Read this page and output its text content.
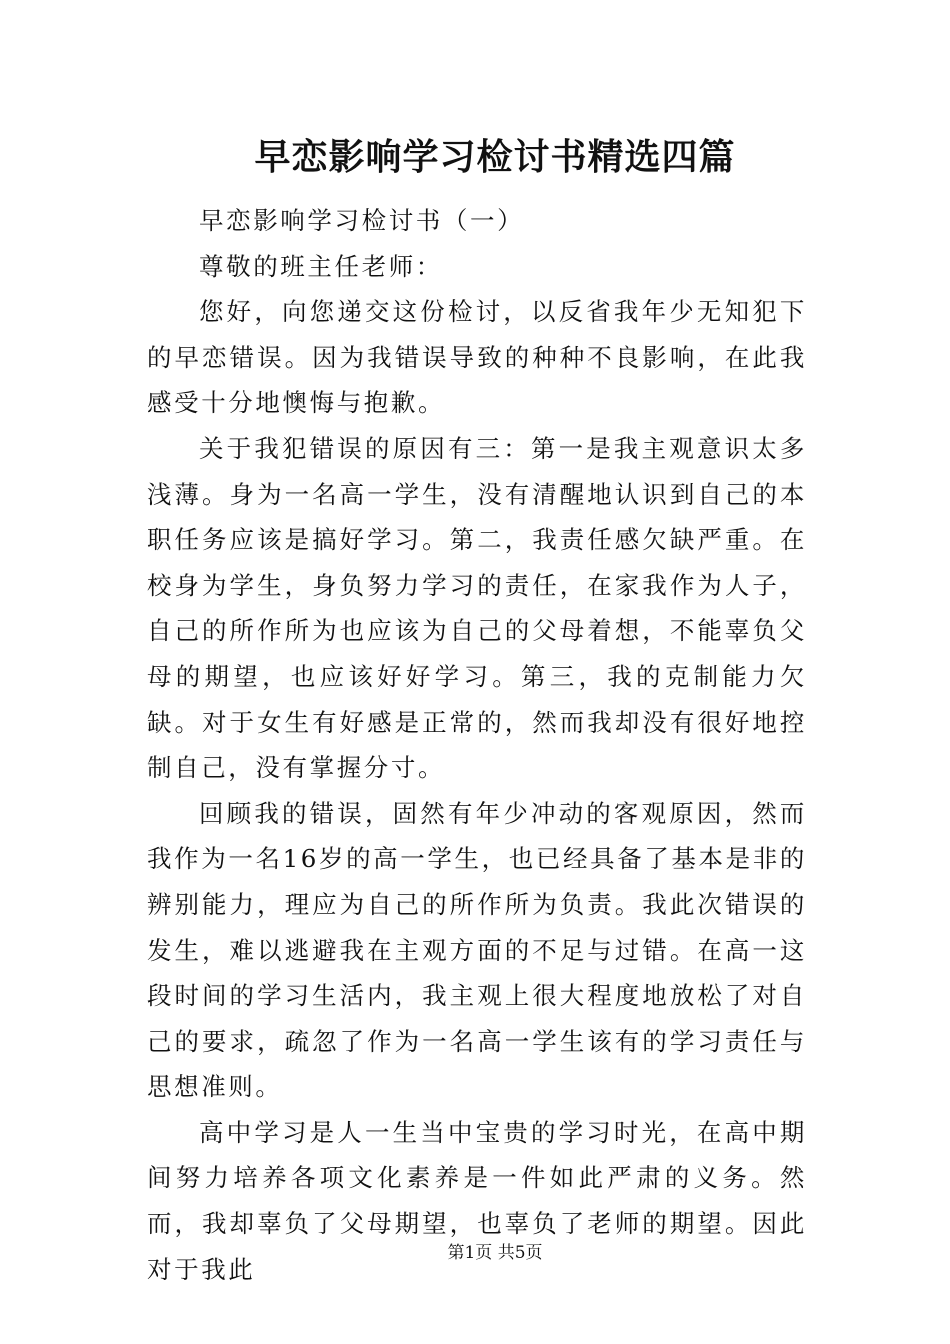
早恋影响学习检讨书精选四篇

早恋影响学习检讨书（一）

尊敬的班主任老师：

您好，向您递交这份检讨，以反省我年少无知犯下的早恋错误。因为我错误导致的种种不良影响，在此我感受十分地懊悔与抱歉。

关于我犯错误的原因有三：第一是我主观意识太多浅薄。身为一名高一学生，没有清醒地认识到自己的本职任务应该是搞好学习。第二，我责任感欠缺严重。在校身为学生，身负努力学习的责任，在家我作为人子，自己的所作所为也应该为自己的父母着想，不能辜负父母的期望，也应该好好学习。第三，我的克制能力欠缺。对于女生有好感是正常的，然而我却没有很好地控制自己，没有掌握分寸。

回顾我的错误，固然有年少冲动的客观原因，然而我作为一名16岁的高一学生，也已经具备了基本是非的辨别能力，理应为自己的所作所为负责。我此次错误的发生，难以逃避我在主观方面的不足与过错。在高一这段时间的学习生活内，我主观上很大程度地放松了对自己的要求，疏忽了作为一名高一学生该有的学习责任与思想准则。

高中学习是人一生当中宝贵的学习时光，在高中期间努力培养各项文化素养是一件如此严肃的义务。然而，我却辜负了父母期望，也辜负了老师的期望。因此对于我此

第1页 共5页
